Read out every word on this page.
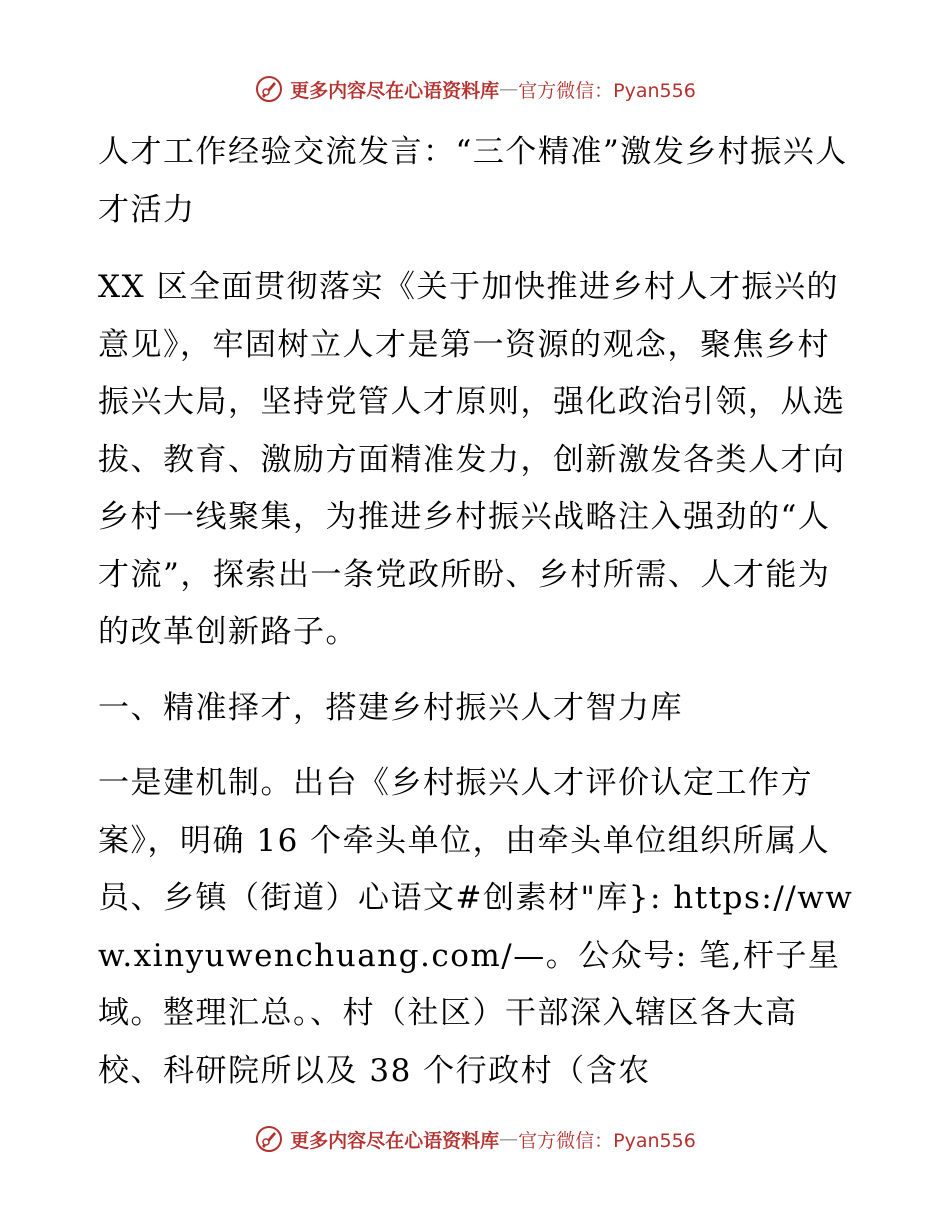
更多内容尽在心语资料库 — 官方微信：Pyan556

人才工作经验交流发言：“三个精准”激发乡村振兴人才活力

XX 区全面贯彻落实《关于加快推进乡村人才振兴的意见》，牢固树立人才是第一资源的观念，聚焦乡村振兴大局，坚持党管人才原则，强化政治引领，从选拔、教育、激励方面精准发力，创新激发各类人才向乡村一线聚集，为推进乡村振兴战略注入强劲的“人才流”，探索出一条党政所盼、乡村所需、人才能为的改革创新路子。

一、精准择才，搭建乡村振兴人才智力库

一是建机制。出台《乡村振兴人才评价认定工作方案》，明确 16 个牵头单位，由牵头单位组织所属人员、乡镇（街道）心语文#创素材"库}: https://www.xinyuwenchuang.com/—。公众号: 笔,杆子星域。整理汇总。、村（社区）干部深入辖区各大高校、科研院所以及 38 个行政村（含农

更多内容尽在心语资料库 — 官方微信：Pyan556
